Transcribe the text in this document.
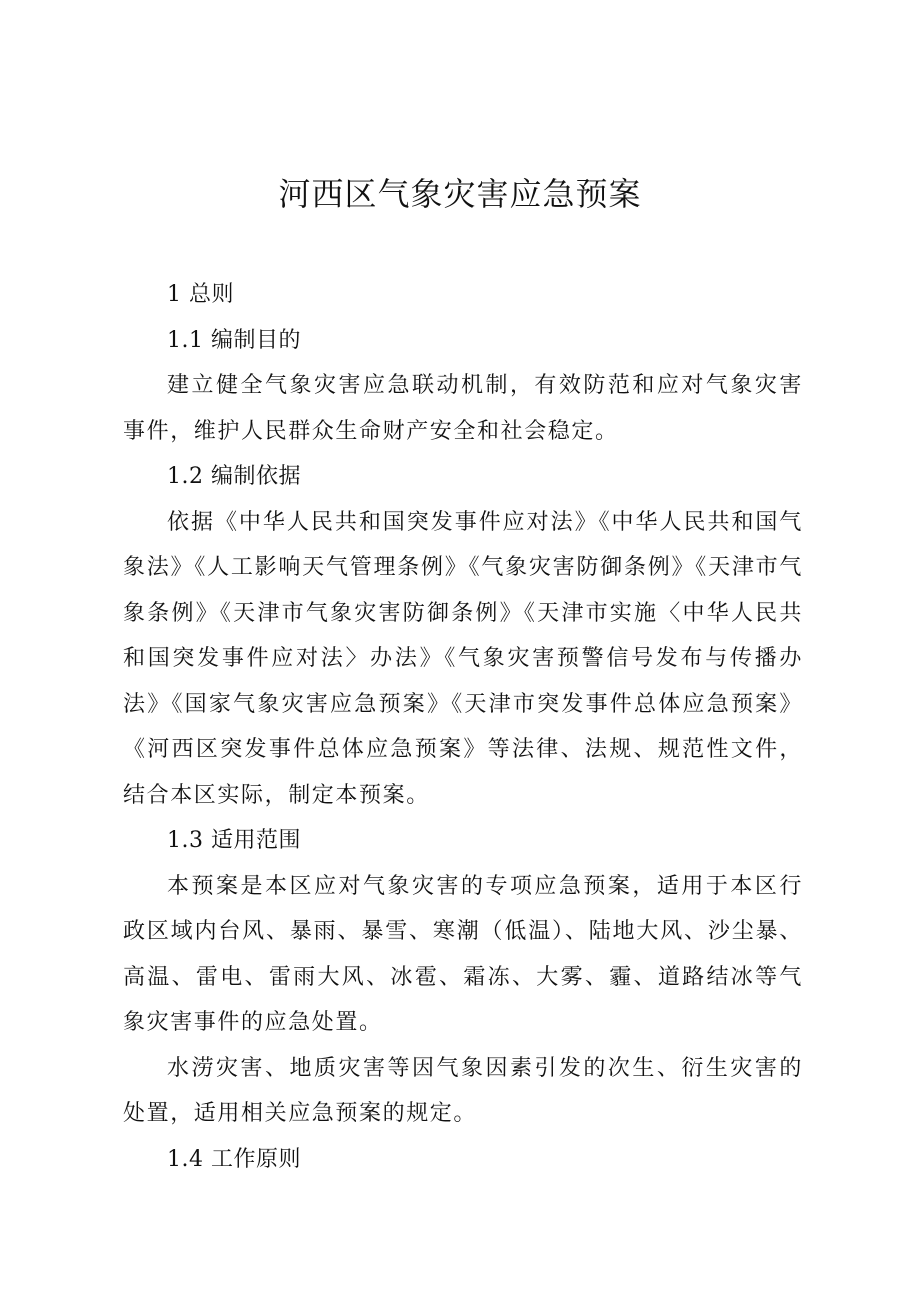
河西区气象灾害应急预案

1 总则

1.1 编制目的

建立健全气象灾害应急联动机制，有效防范和应对气象灾害事件，维护人民群众生命财产安全和社会稳定。

1.2 编制依据

依据《中华人民共和国突发事件应对法》《中华人民共和国气象法》《人工影响天气管理条例》《气象灾害防御条例》《天津市气象条例》《天津市气象灾害防御条例》《天津市实施〈中华人民共和国突发事件应对法〉办法》《气象灾害预警信号发布与传播办法》《国家气象灾害应急预案》《天津市突发事件总体应急预案》《河西区突发事件总体应急预案》等法律、法规、规范性文件，结合本区实际，制定本预案。

1.3 适用范围

本预案是本区应对气象灾害的专项应急预案，适用于本区行政区域内台风、暴雨、暴雪、寒潮（低温）、陆地大风、沙尘暴、高温、雷电、雷雨大风、冰雹、霜冻、大雾、霾、道路结冰等气象灾害事件的应急处置。

水涝灾害、地质灾害等因气象因素引发的次生、衍生灾害的处置，适用相关应急预案的规定。

1.4 工作原则
